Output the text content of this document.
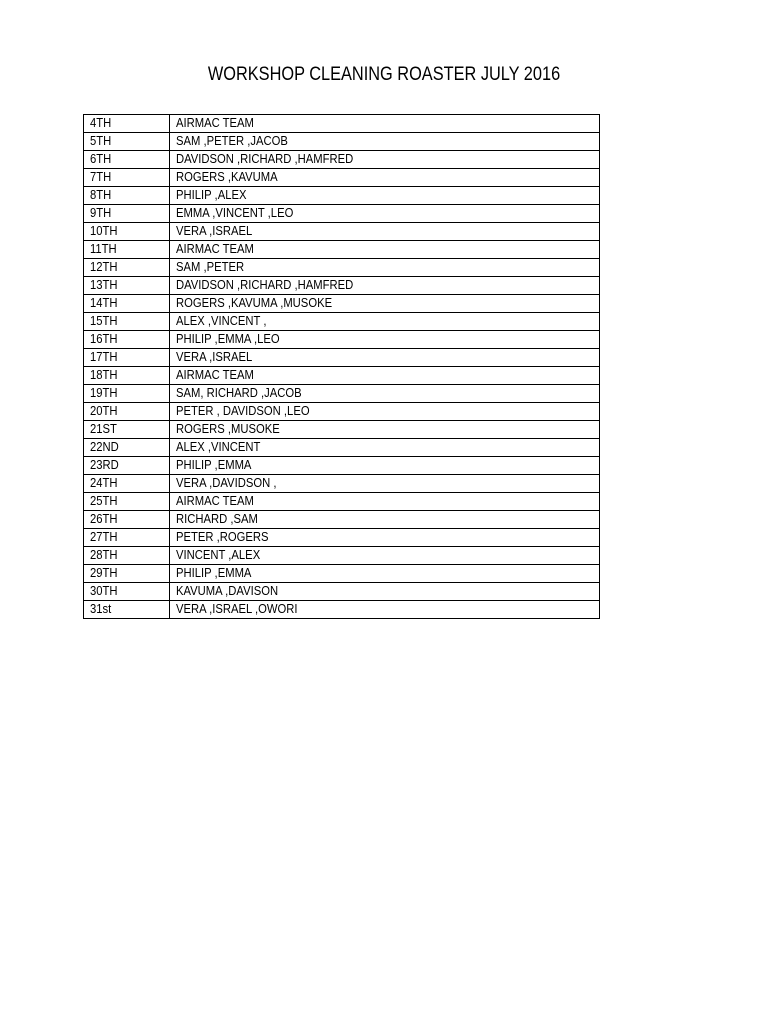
WORKSHOP CLEANING ROASTER JULY 2016
4TH	AIRMAC TEAM
5TH	SAM ,PETER ,JACOB
6TH	DAVIDSON ,RICHARD ,HAMFRED
7TH	ROGERS ,KAVUMA
8TH	PHILIP ,ALEX
9TH	EMMA ,VINCENT ,LEO
10TH	VERA ,ISRAEL
11TH	AIRMAC TEAM
12TH	SAM ,PETER
13TH	DAVIDSON ,RICHARD ,HAMFRED
14TH	ROGERS ,KAVUMA ,MUSOKE
15TH	ALEX ,VINCENT ,
16TH	PHILIP ,EMMA ,LEO
17TH	VERA ,ISRAEL
18TH	AIRMAC TEAM
19TH	SAM, RICHARD ,JACOB
20TH	PETER , DAVIDSON ,LEO
21ST	ROGERS ,MUSOKE
22ND	ALEX ,VINCENT
23RD	PHILIP ,EMMA
24TH	VERA ,DAVIDSON ,
25TH	AIRMAC TEAM
26TH	RICHARD ,SAM
27TH	PETER ,ROGERS
28TH	VINCENT ,ALEX
29TH	PHILIP ,EMMA
30TH	KAVUMA ,DAVISON
31st	VERA ,ISRAEL ,OWORI
